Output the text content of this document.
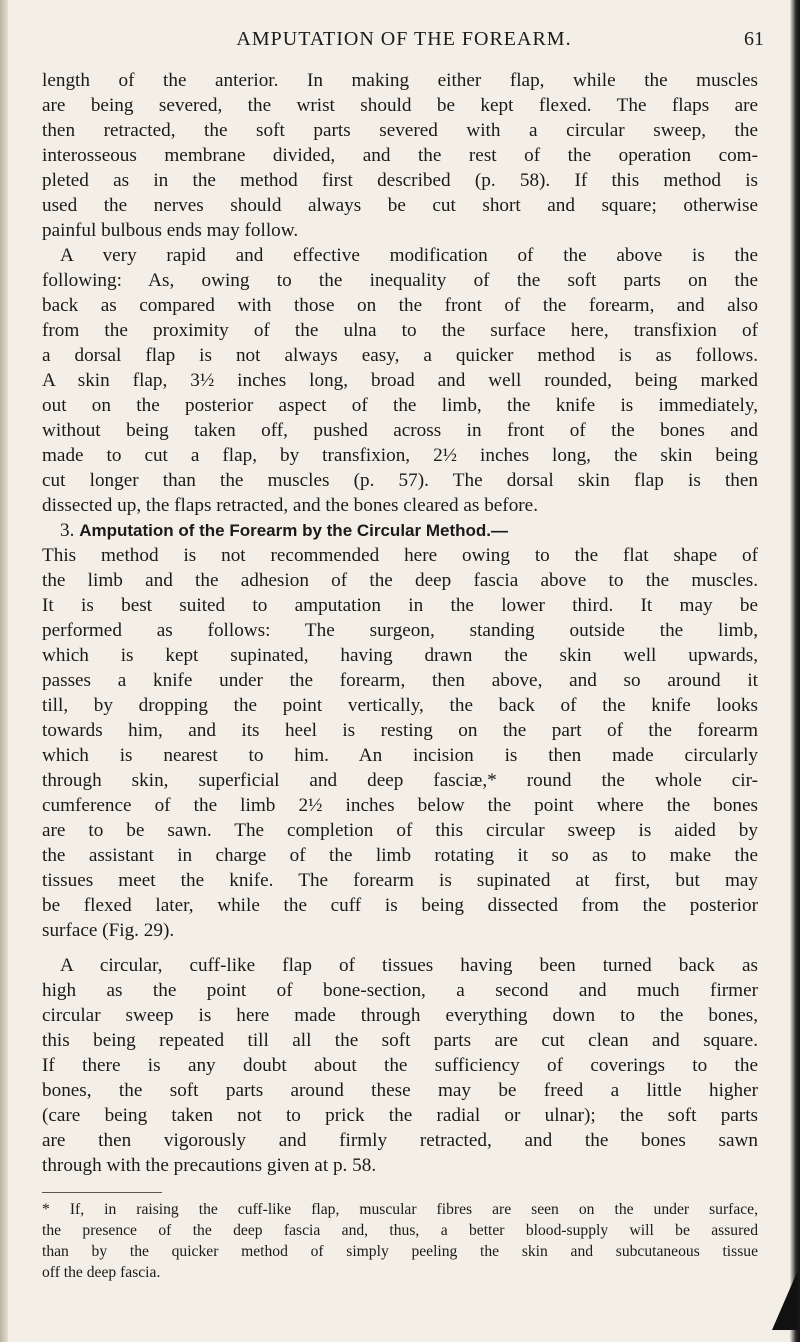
AMPUTATION OF THE FOREARM.	61
length of the anterior. In making either flap, while the muscles
are being severed, the wrist should be kept flexed. The flaps are
then retracted, the soft parts severed with a circular sweep, the
interosseous membrane divided, and the rest of the operation com-
pleted as in the method first described (p. 58). If this method is
used the nerves should always be cut short and square; otherwise
painful bulbous ends may follow.
A very rapid and effective modification of the above is the
following: As, owing to the inequality of the soft parts on the
back as compared with those on the front of the forearm, and also
from the proximity of the ulna to the surface here, transfixion of
a dorsal flap is not always easy, a quicker method is as follows.
A skin flap, 3½ inches long, broad and well rounded, being marked
out on the posterior aspect of the limb, the knife is immediately,
without being taken off, pushed across in front of the bones and
made to cut a flap, by transfixion, 2½ inches long, the skin being
cut longer than the muscles (p. 57). The dorsal skin flap is then
dissected up, the flaps retracted, and the bones cleared as before.
3. Amputation of the Forearm by the Circular Method.—
This method is not recommended here owing to the flat shape of
the limb and the adhesion of the deep fascia above to the muscles.
It is best suited to amputation in the lower third. It may be
performed as follows: The surgeon, standing outside the limb,
which is kept supinated, having drawn the skin well upwards,
passes a knife under the forearm, then above, and so around it
till, by dropping the point vertically, the back of the knife looks
towards him, and its heel is resting on the part of the forearm
which is nearest to him. An incision is then made circularly
through skin, superficial and deep fasciæ,* round the whole cir-
cumference of the limb 2½ inches below the point where the bones
are to be sawn. The completion of this circular sweep is aided by
the assistant in charge of the limb rotating it so as to make the
tissues meet the knife. The forearm is supinated at first, but may
be flexed later, while the cuff is being dissected from the posterior
surface (Fig. 29).
A circular, cuff-like flap of tissues having been turned back as
high as the point of bone-section, a second and much firmer
circular sweep is here made through everything down to the bones,
this being repeated till all the soft parts are cut clean and square.
If there is any doubt about the sufficiency of coverings to the
bones, the soft parts around these may be freed a little higher
(care being taken not to prick the radial or ulnar); the soft parts
are then vigorously and firmly retracted, and the bones sawn
through with the precautions given at p. 58.
* If, in raising the cuff-like flap, muscular fibres are seen on the under surface,
the presence of the deep fascia and, thus, a better blood-supply will be assured
than by the quicker method of simply peeling the skin and subcutaneous tissue
off the deep fascia.
